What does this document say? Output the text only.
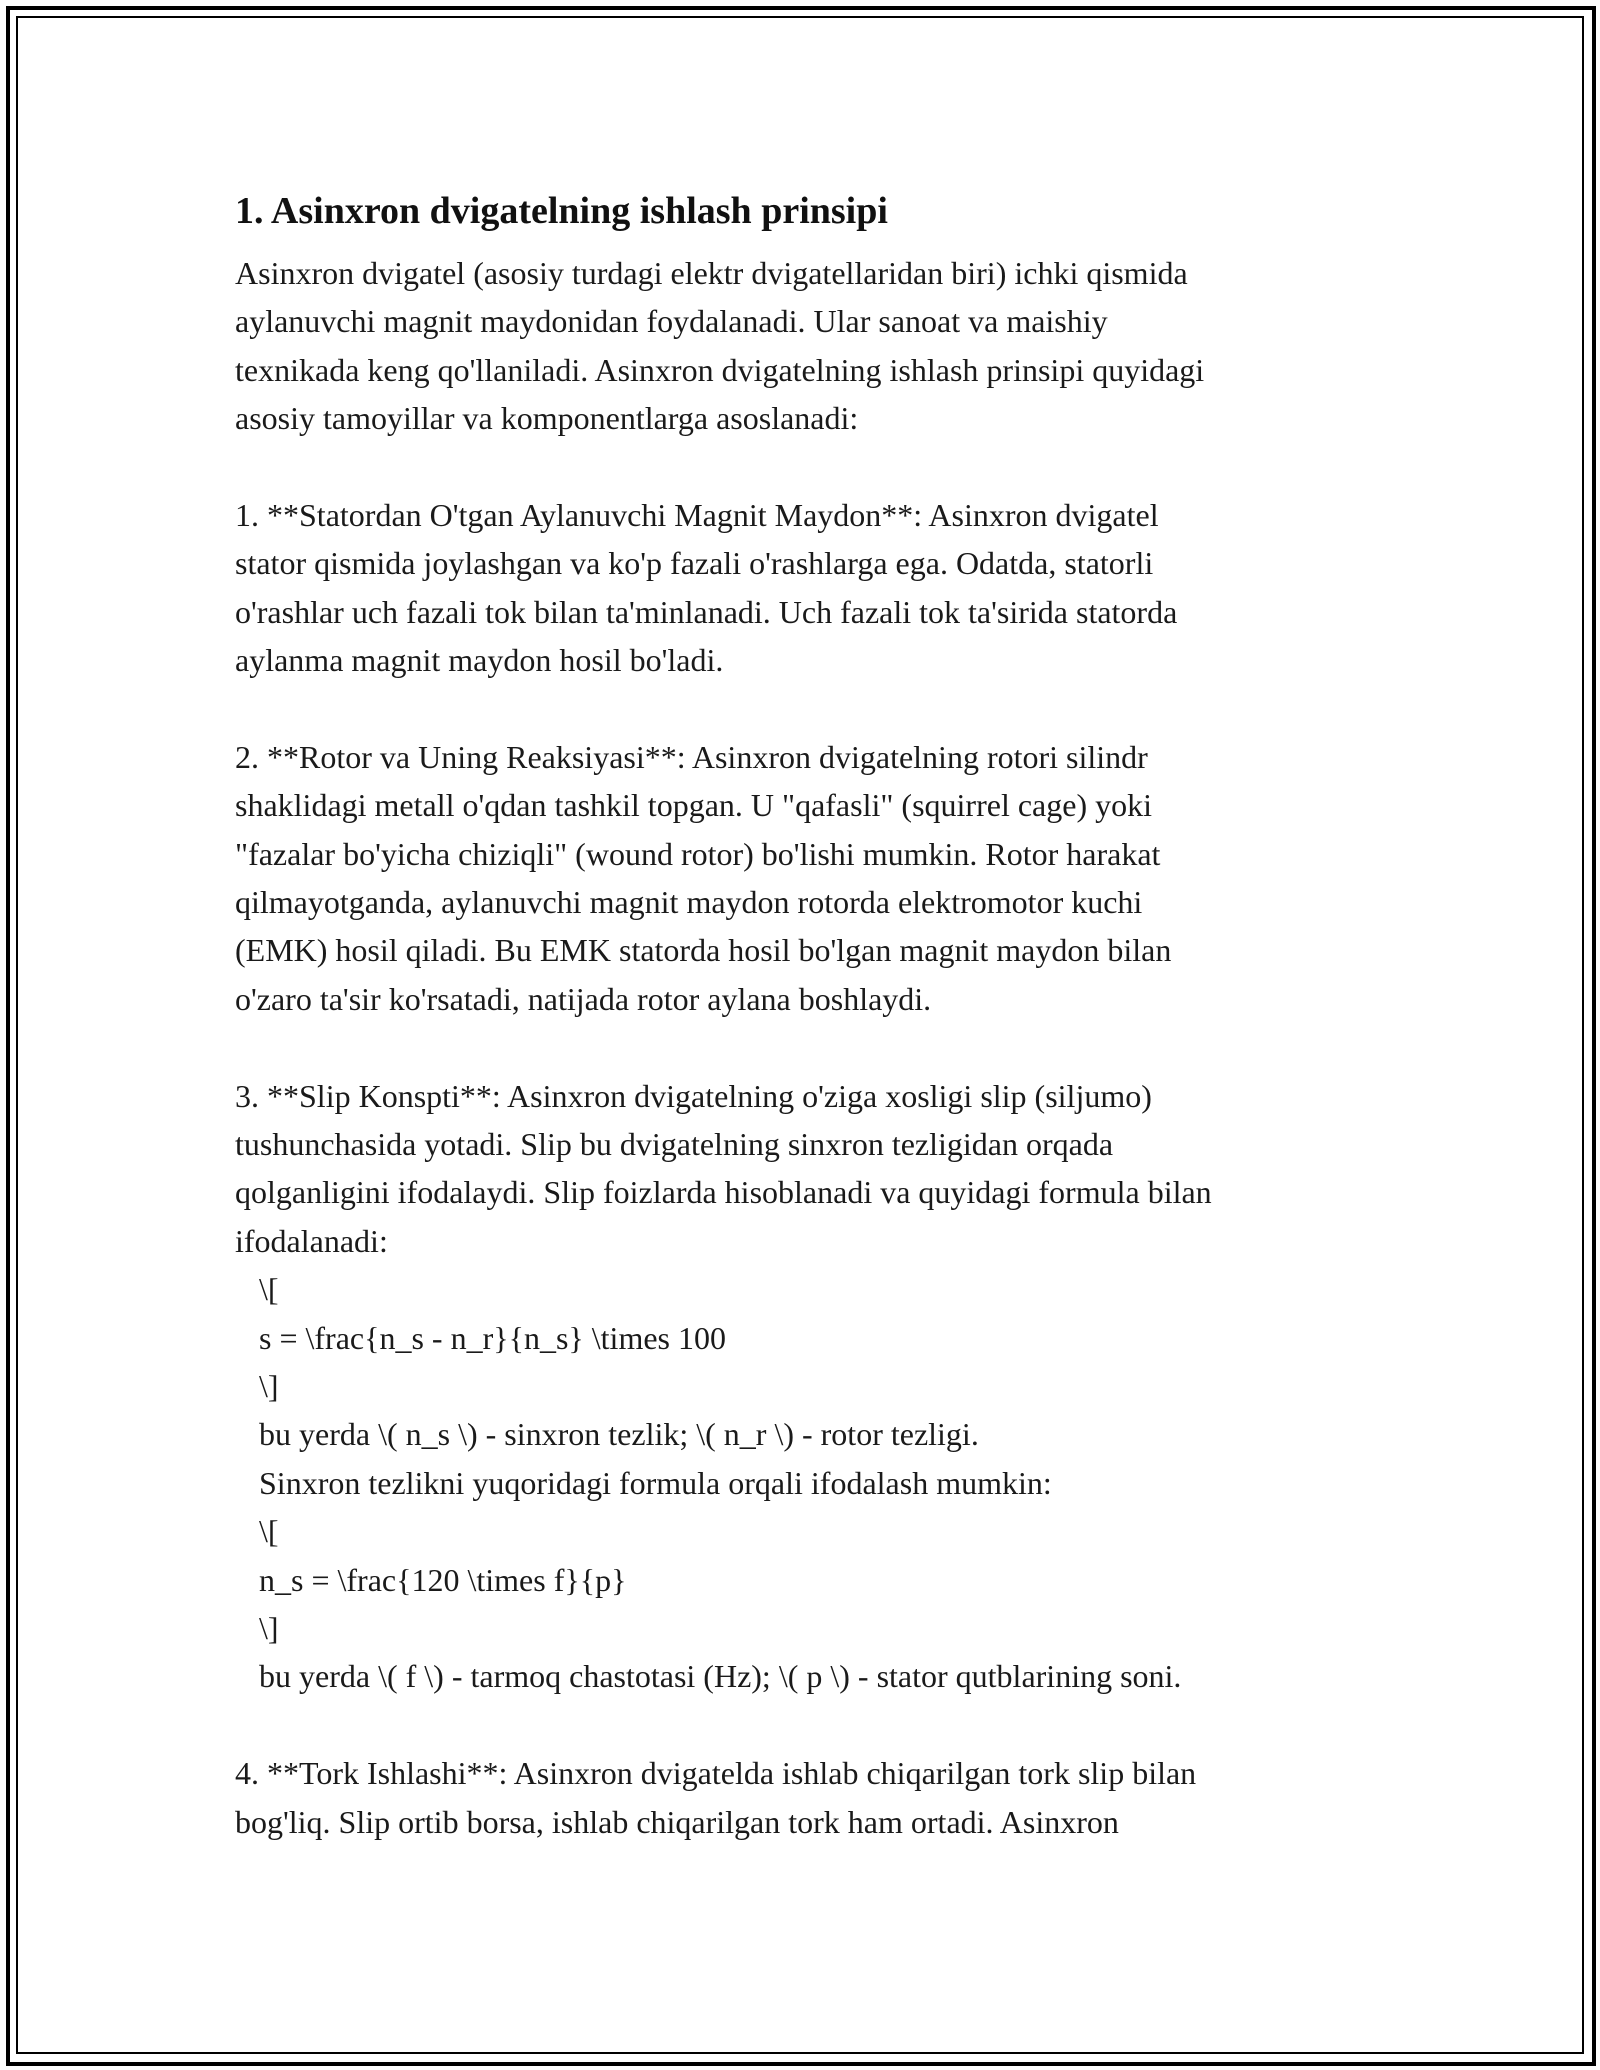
1. Asinxron dvigatelning ishlash prinsipi
Asinxron dvigatel (asosiy turdagi elektr dvigatellaridan biri) ichki qismida
aylanuvchi magnit maydonidan foydalanadi. Ular sanoat va maishiy
texnikada keng qo'llaniladi. Asinxron dvigatelning ishlash prinsipi quyidagi
asosiy tamoyillar va komponentlarga asoslanadi:
1. **Statordan O'tgan Aylanuvchi Magnit Maydon**: Asinxron dvigatel
stator qismida joylashgan va ko'p fazali o'rashlarga ega. Odatda, statorli
o'rashlar uch fazali tok bilan ta'minlanadi. Uch fazali tok ta'sirida statorda
aylanma magnit maydon hosil bo'ladi.
2. **Rotor va Uning Reaksiyasi**: Asinxron dvigatelning rotori silindr
shaklidagi metall o'qdan tashkil topgan. U "qafasli" (squirrel cage) yoki
"fazalar bo'yicha chiziqli" (wound rotor) bo'lishi mumkin. Rotor harakat
qilmayotganda, aylanuvchi magnit maydon rotorda elektromotor kuchi
(EMK) hosil qiladi. Bu EMK statorda hosil bo'lgan magnit maydon bilan
o'zaro ta'sir ko'rsatadi, natijada rotor aylana boshlaydi.
3. **Slip Konspti**: Asinxron dvigatelning o'ziga xosligi slip (siljumo)
tushunchasida yotadi. Slip bu dvigatelning sinxron tezligidan orqada
qolganligini ifodalaydi. Slip foizlarda hisoblanadi va quyidagi formula bilan
ifodalanadi:
\[
s = \frac{n_s - n_r}{n_s} \times 100
\]
bu yerda \( n_s \) - sinxron tezlik; \( n_r \) - rotor tezligi.
Sinxron tezlikni yuqoridagi formula orqali ifodalash mumkin:
\[
n_s = \frac{120 \times f}{p}
\]
bu yerda \( f \) - tarmoq chastotasi (Hz); \( p \) - stator qutblarining soni.
4. **Tork Ishlashi**: Asinxron dvigatelda ishlab chiqarilgan tork slip bilan
bog'liq. Slip ortib borsa, ishlab chiqarilgan tork ham ortadi. Asinxron
